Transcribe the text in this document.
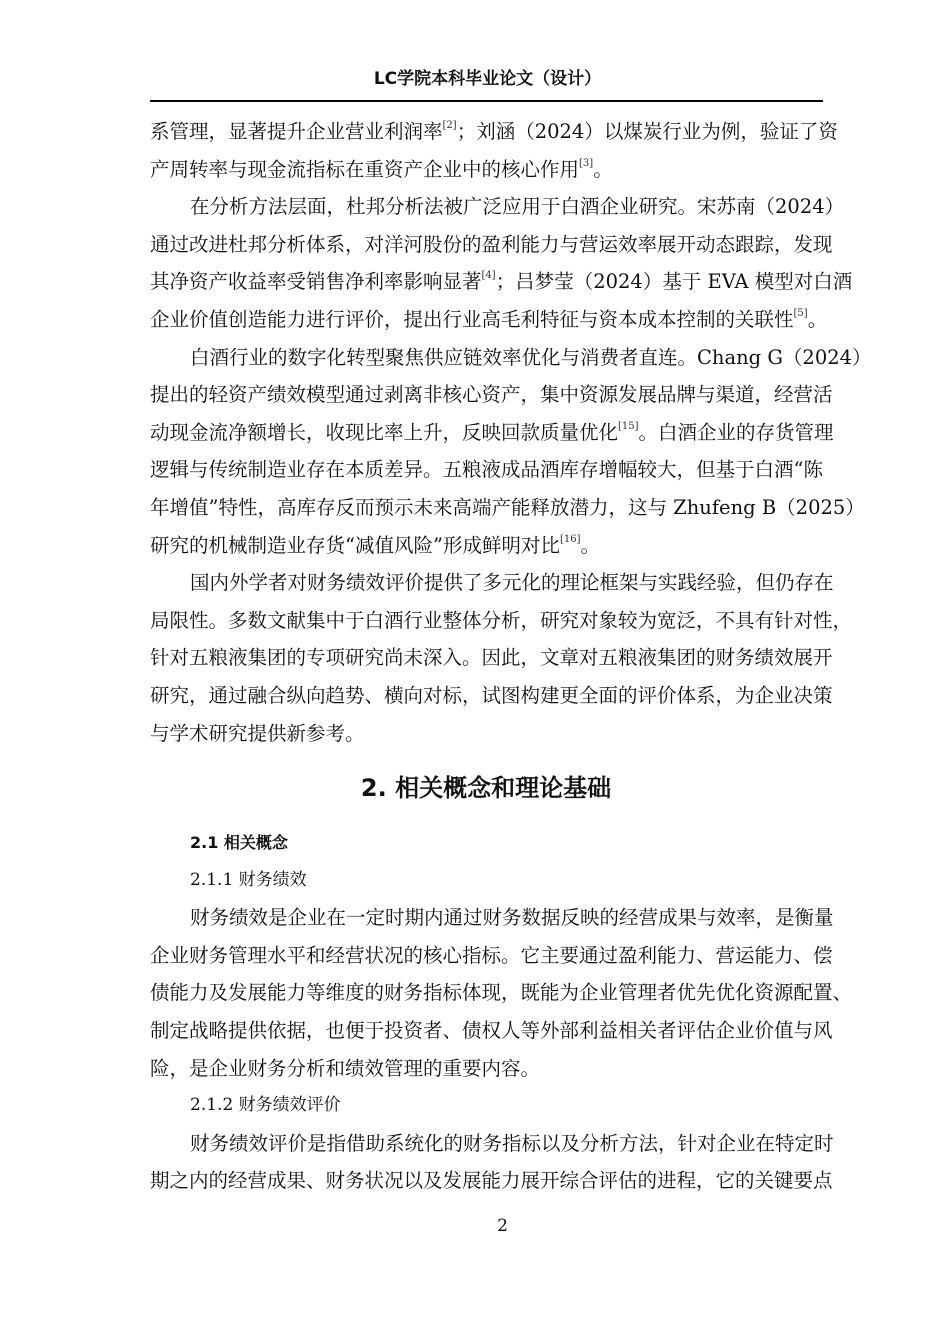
LC学院本科毕业论文（设计）
系管理，显著提升企业营业利润率[2]；刘涵（2024）以煤炭行业为例，验证了资
产周转率与现金流指标在重资产企业中的核心作用[3]。
在分析方法层面，杜邦分析法被广泛应用于白酒企业研究。宋苏南（2024）
通过改进杜邦分析体系，对洋河股份的盈利能力与营运效率展开动态跟踪，发现
其净资产收益率受销售净利率影响显著[4]；吕梦莹（2024）基于 EVA 模型对白酒
企业价值创造能力进行评价，提出行业高毛利特征与资本成本控制的关联性[5]。
白酒行业的数字化转型聚焦供应链效率优化与消费者直连。Chang G（2024）
提出的轻资产绩效模型通过剥离非核心资产，集中资源发展品牌与渠道，经营活
动现金流净额增长，收现比率上升，反映回款质量优化[15]。白酒企业的存货管理
逻辑与传统制造业存在本质差异。五粮液成品酒库存增幅较大，但基于白酒“陈
年增值”特性，高库存反而预示未来高端产能释放潜力，这与 Zhufeng B（2025）
研究的机械制造业存货“减值风险”形成鲜明对比[16]。
国内外学者对财务绩效评价提供了多元化的理论框架与实践经验，但仍存在
局限性。多数文献集中于白酒行业整体分析，研究对象较为宽泛，不具有针对性，
针对五粮液集团的专项研究尚未深入。因此，文章对五粮液集团的财务绩效展开
研究，通过融合纵向趋势、横向对标，试图构建更全面的评价体系，为企业决策
与学术研究提供新参考。
2. 相关概念和理论基础
2.1 相关概念
2.1.1 财务绩效
财务绩效是企业在一定时期内通过财务数据反映的经营成果与效率，是衡量
企业财务管理水平和经营状况的核心指标。它主要通过盈利能力、营运能力、偿
债能力及发展能力等维度的财务指标体现，既能为企业管理者优先优化资源配置、
制定战略提供依据，也便于投资者、债权人等外部利益相关者评估企业价值与风
险，是企业财务分析和绩效管理的重要内容。
2.1.2 财务绩效评价
财务绩效评价是指借助系统化的财务指标以及分析方法，针对企业在特定时
期之内的经营成果、财务状况以及发展能力展开综合评估的进程，它的关键要点
2
